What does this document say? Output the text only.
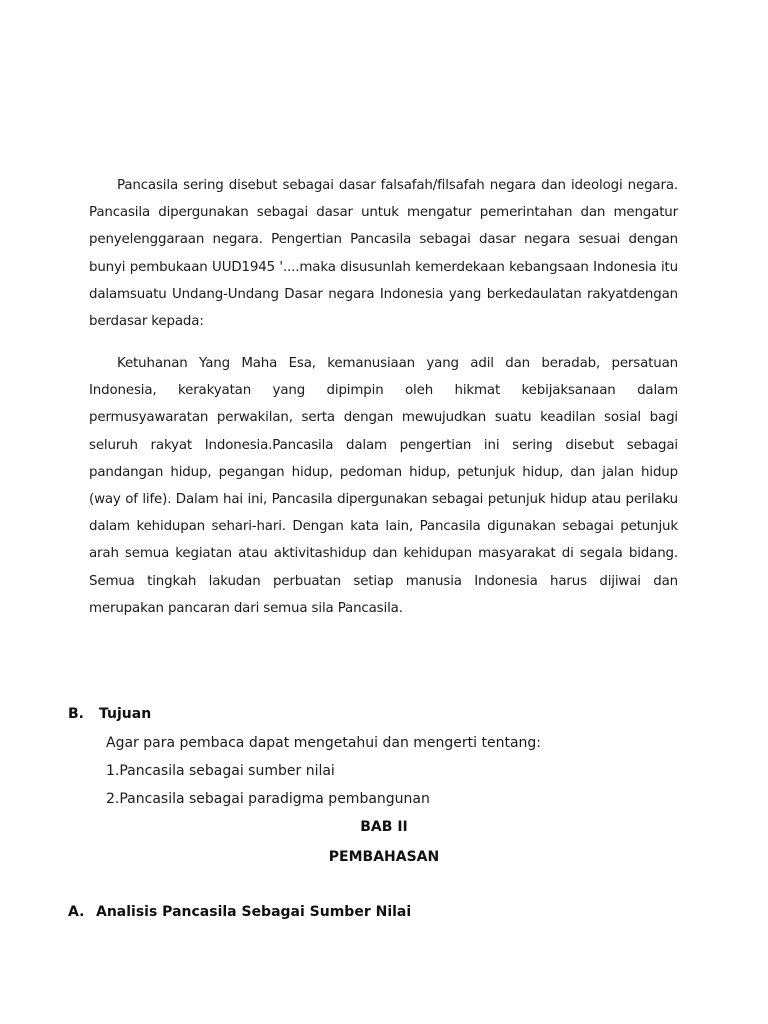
Pancasila sering disebut sebagai dasar falsafah/filsafah negara dan ideologi negara. Pancasila dipergunakan sebagai dasar untuk mengatur pemerintahan dan mengatur penyelenggaraan negara. Pengertian Pancasila sebagai dasar negara sesuai dengan bunyi pembukaan UUD1945 '....maka disusunlah kemerdekaan kebangsaan Indonesia itu dalamsuatu Undang-Undang Dasar negara Indonesia yang berkedaulatan rakyatdengan berdasar kepada:

Ketuhanan Yang Maha Esa, kemanusiaan yang adil dan beradab, persatuan Indonesia, kerakyatan yang dipimpin oleh hikmat kebijaksanaan dalam permusyawaratan perwakilan, serta dengan mewujudkan suatu keadilan sosial bagi seluruh rakyat Indonesia.Pancasila dalam pengertian ini sering disebut sebagai pandangan hidup, pegangan hidup, pedoman hidup, petunjuk hidup, dan jalan hidup (way of life). Dalam hai ini, Pancasila dipergunakan sebagai petunjuk hidup atau perilaku dalam kehidupan sehari-hari. Dengan kata lain, Pancasila digunakan sebagai petunjuk arah semua kegiatan atau aktivitashidup dan kehidupan masyarakat di segala bidang. Semua tingkah lakudan perbuatan setiap manusia Indonesia harus dijiwai dan merupakan pancaran dari semua sila Pancasila.

B. Tujuan
Agar para pembaca dapat mengetahui dan mengerti tentang:
1.Pancasila sebagai sumber nilai
2.Pancasila sebagai paradigma pembangunan
BAB II
PEMBAHASAN
A. Analisis Pancasila Sebagai Sumber Nilai
